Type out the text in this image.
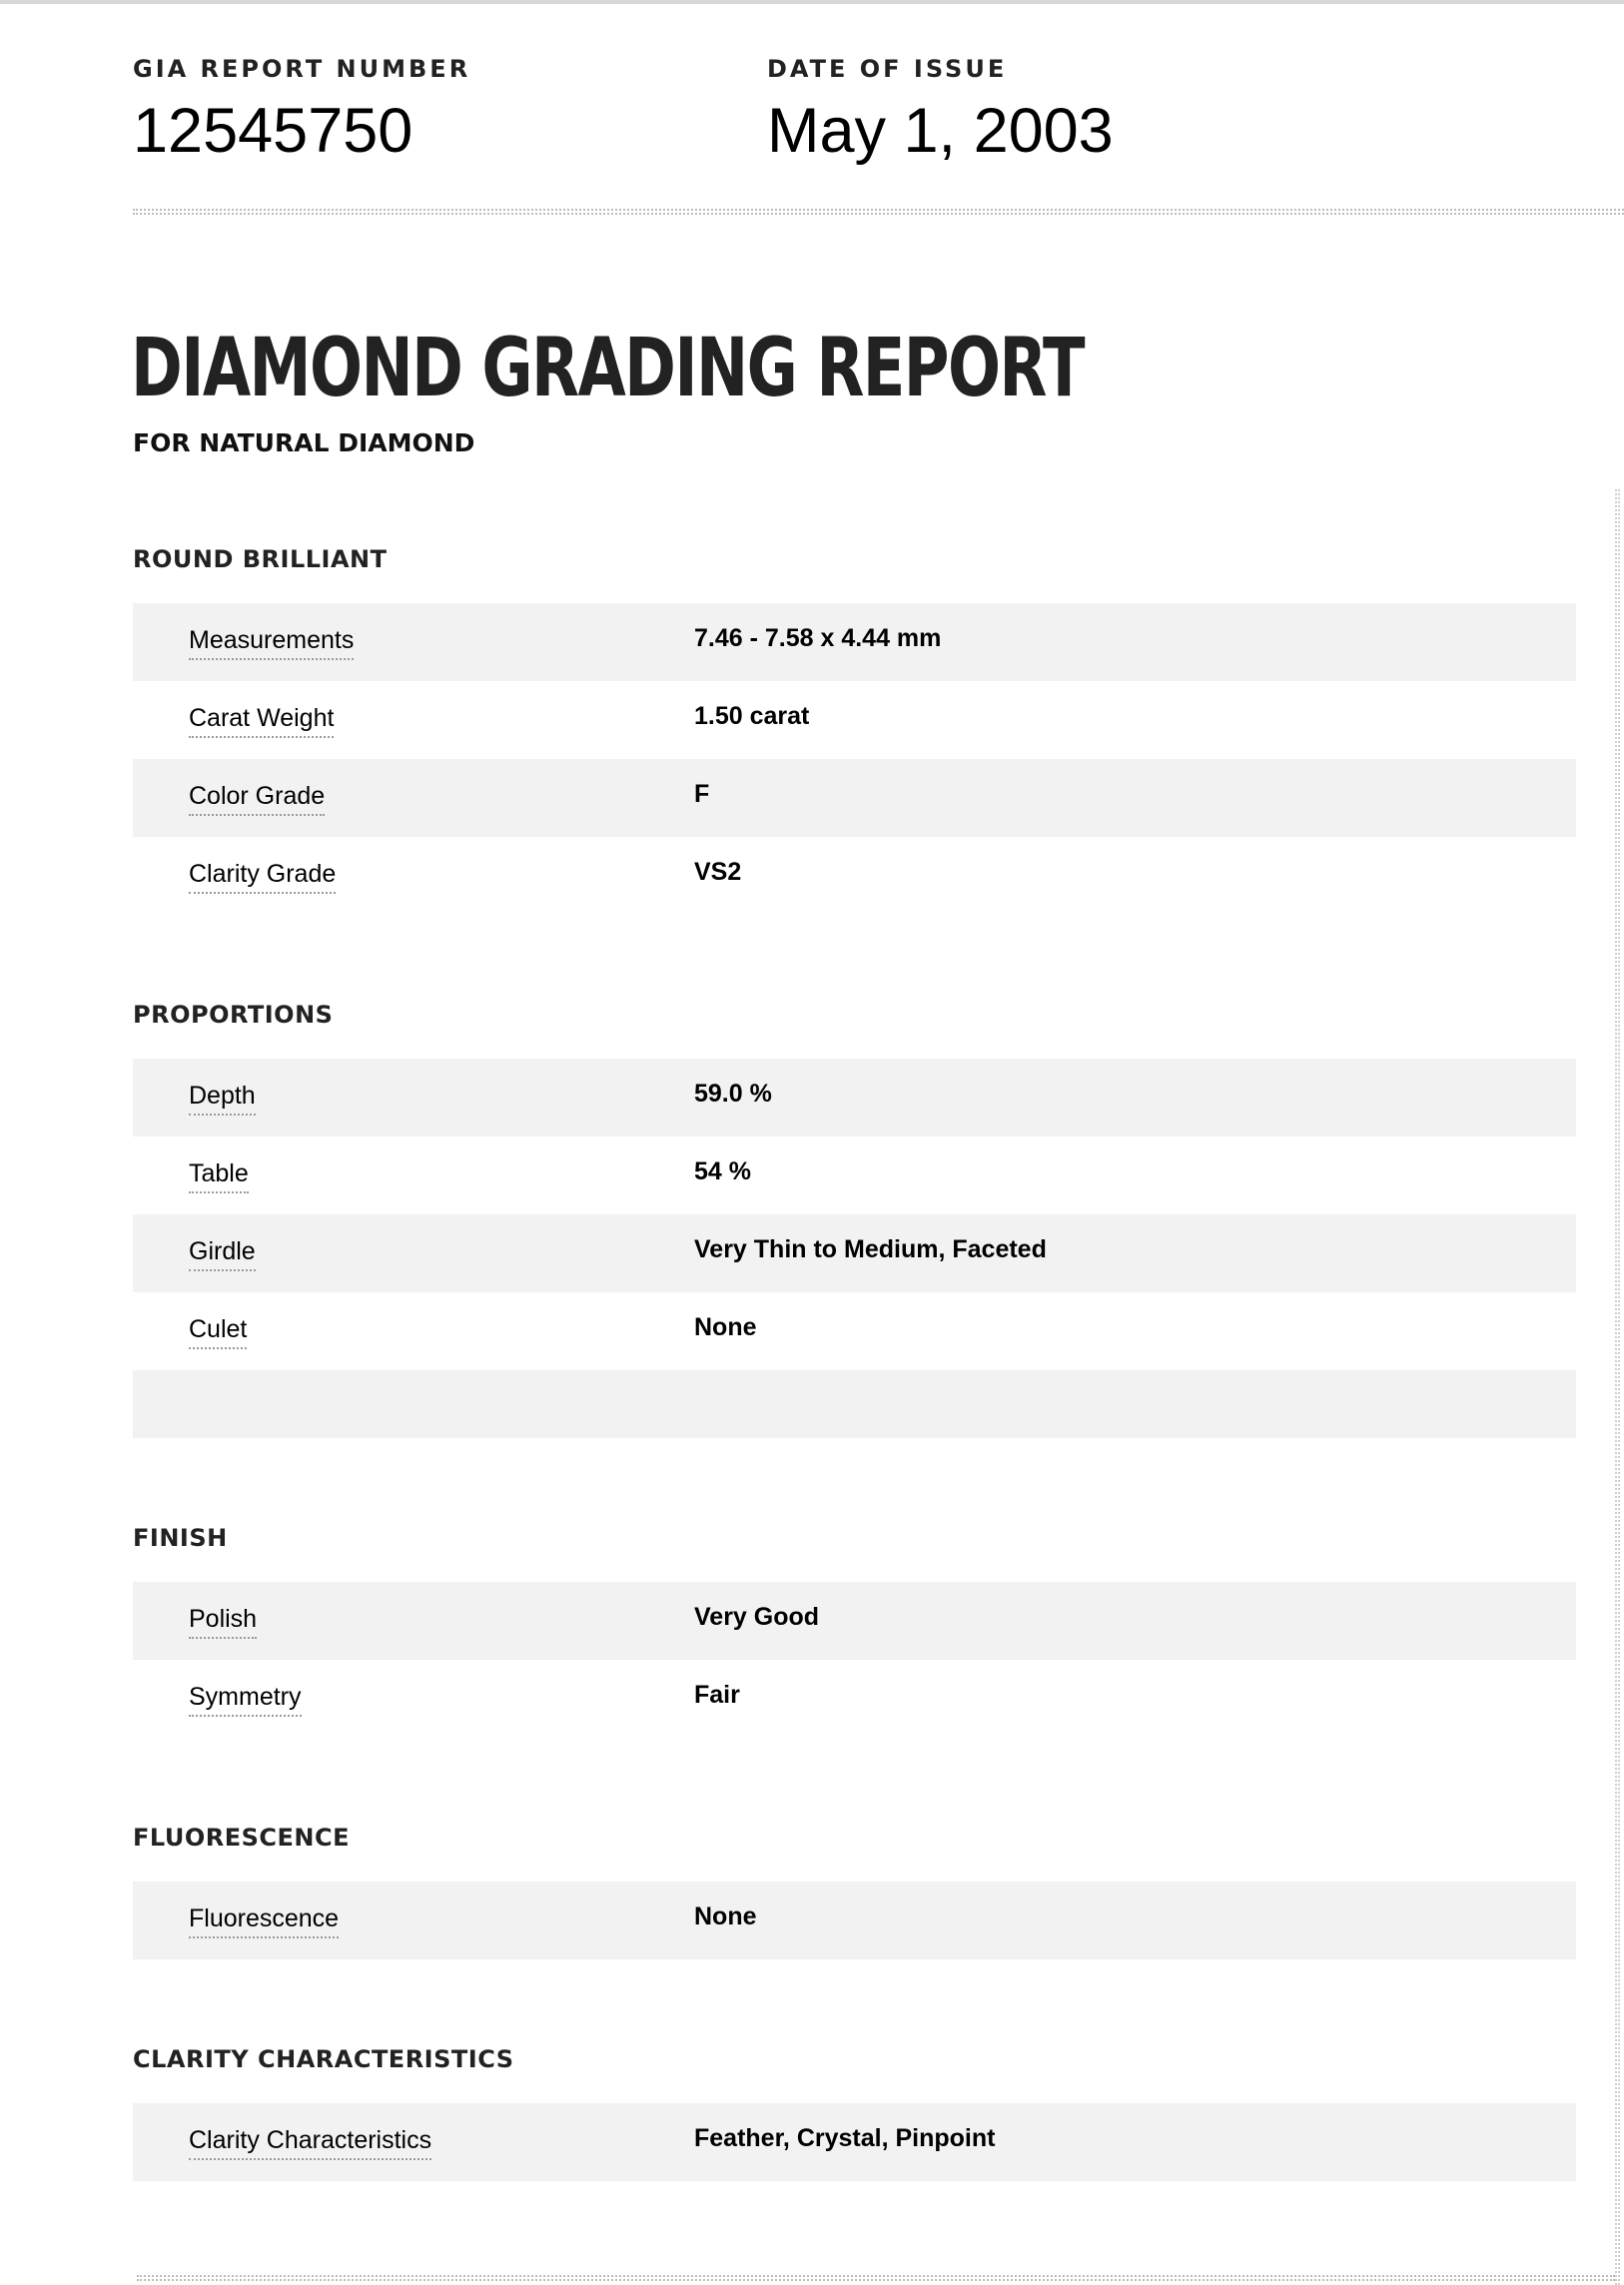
GIA REPORT NUMBER
12545750
DATE OF ISSUE
May 1, 2003
DIAMOND GRADING REPORT
FOR NATURAL DIAMOND
ROUND BRILLIANT
Measurements	7.46 - 7.58 x 4.44 mm
Carat Weight	1.50 carat
Color Grade	F
Clarity Grade	VS2
PROPORTIONS
Depth	59.0 %
Table	54 %
Girdle	Very Thin to Medium, Faceted
Culet	None
FINISH
Polish	Very Good
Symmetry	Fair
FLUORESCENCE
Fluorescence	None
CLARITY CHARACTERISTICS
Clarity Characteristics	Feather, Crystal, Pinpoint
